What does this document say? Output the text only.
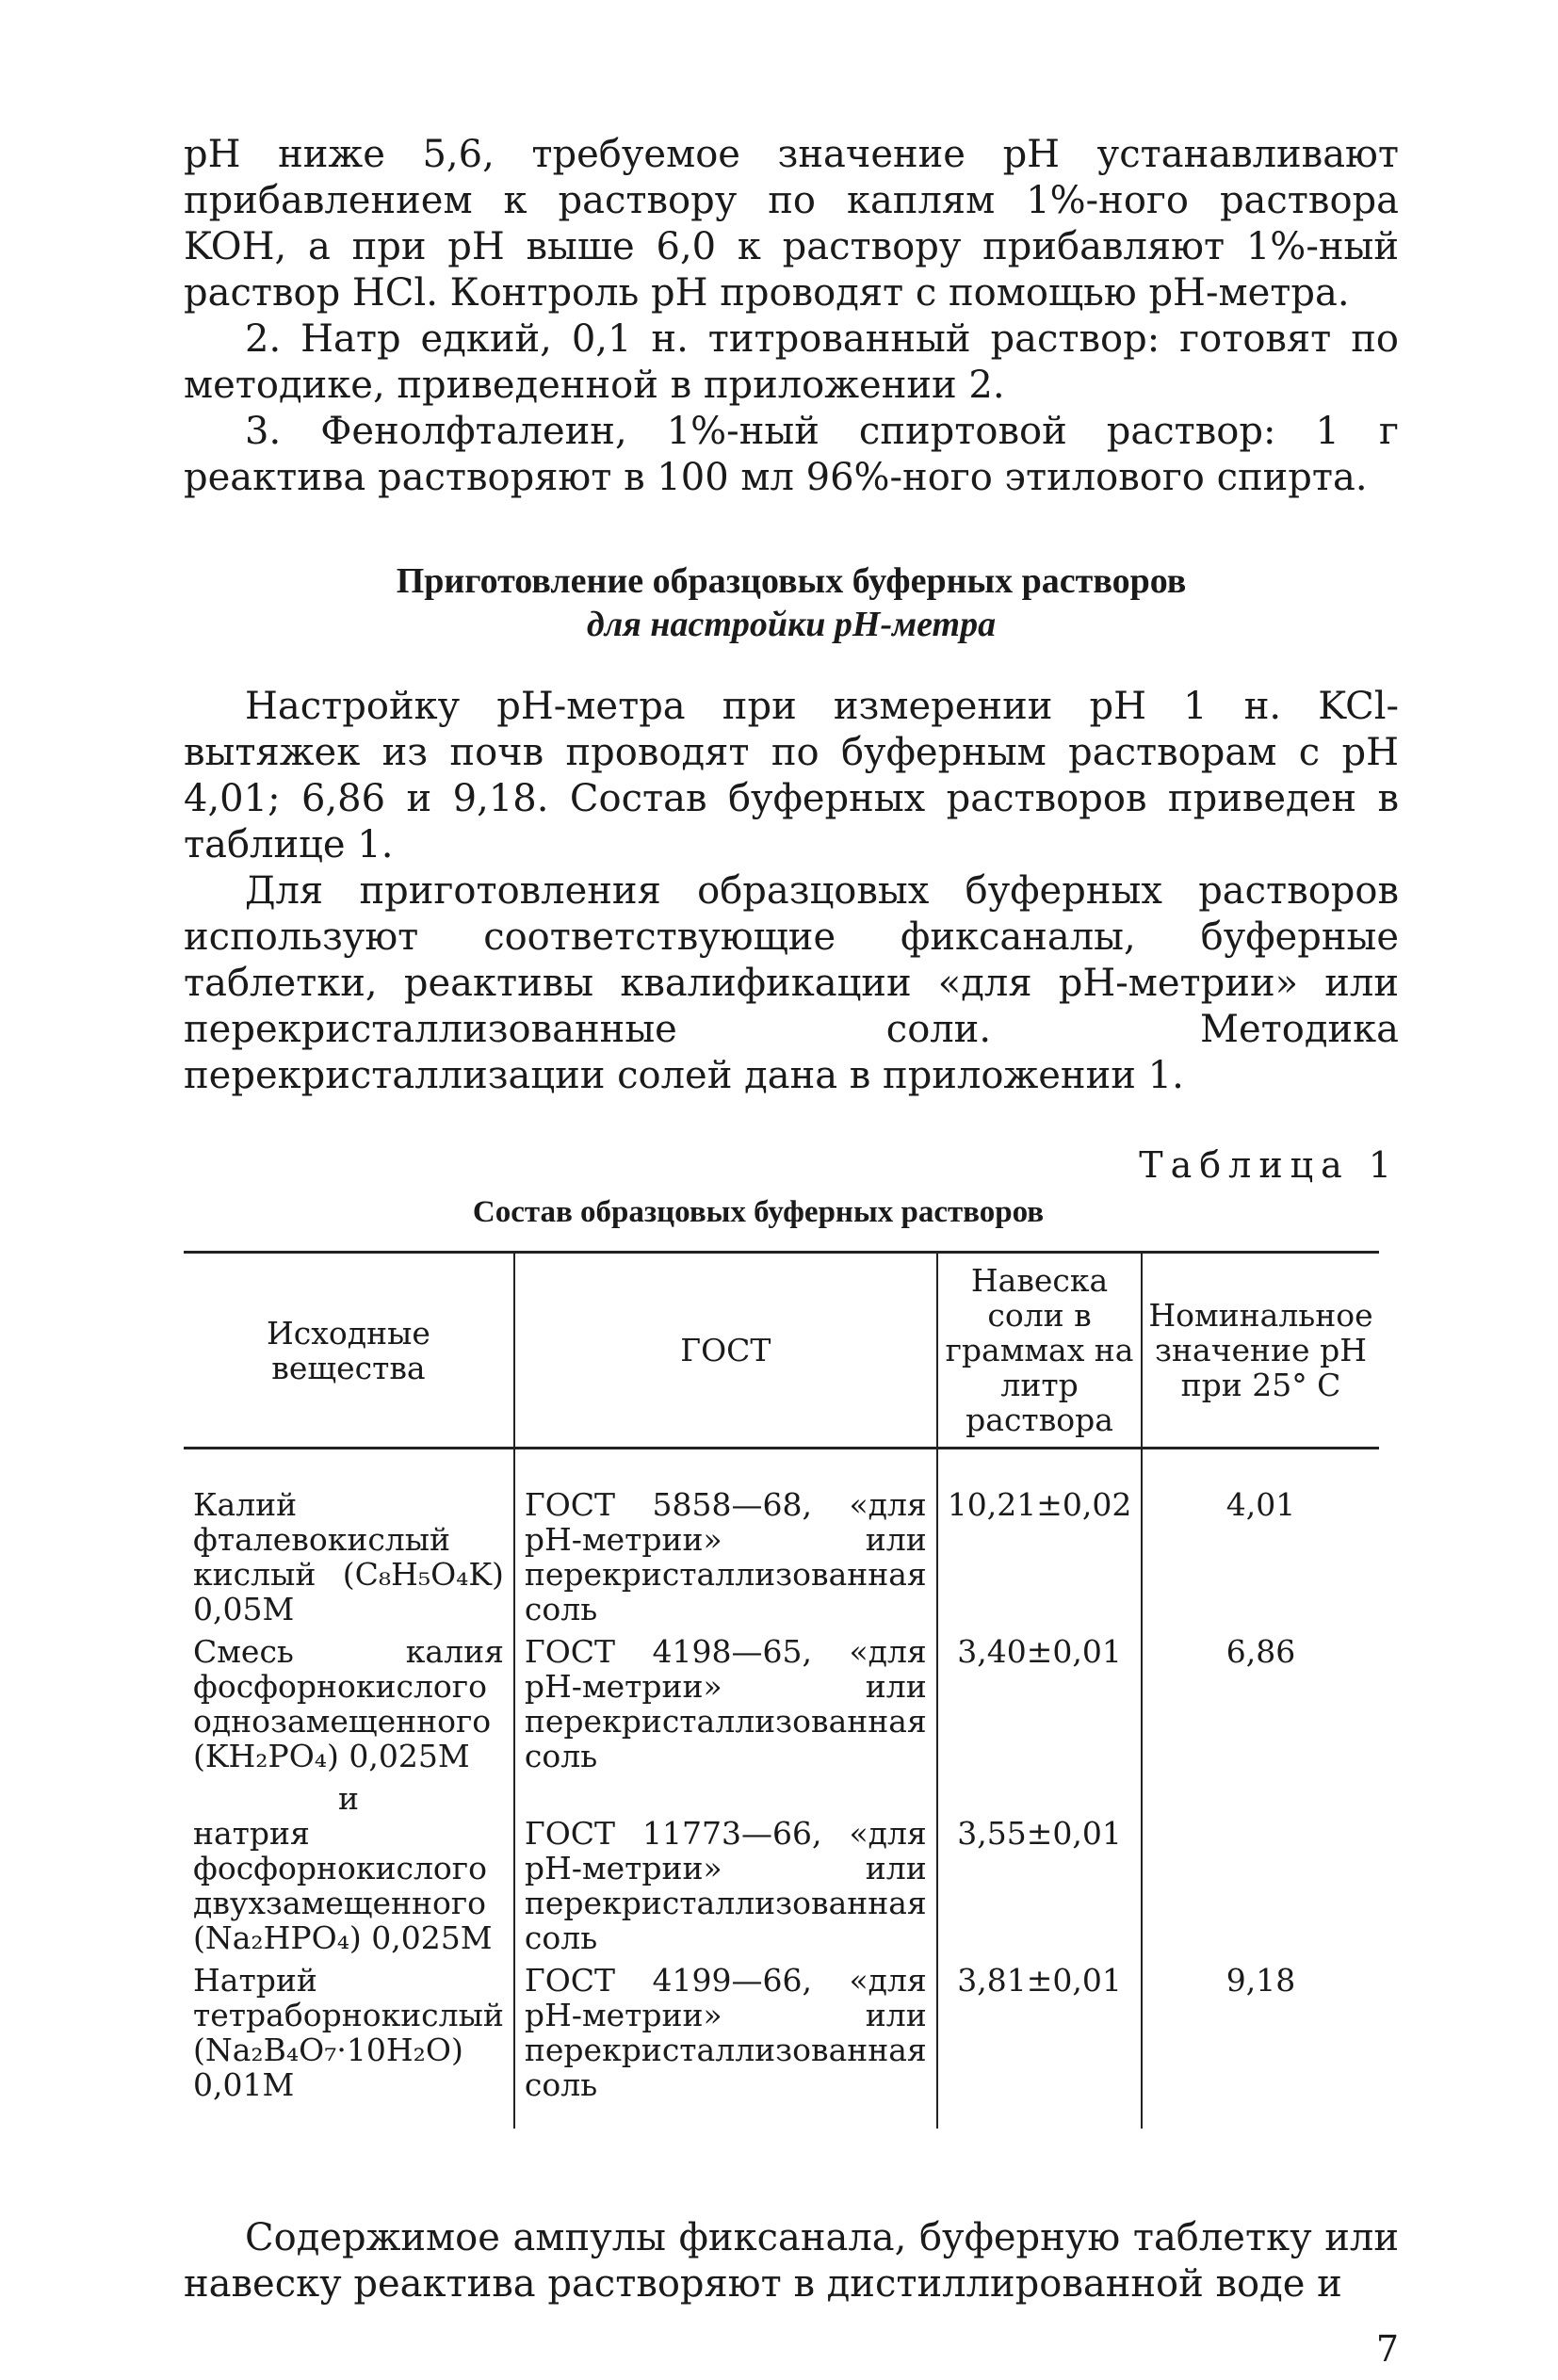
pH ниже 5,6, требуемое значение pH устанавливают прибавлением к раствору по каплям 1%-ного раствора KOH, а при pH выше 6,0 к раствору прибавляют 1%-ный раствор HCl. Контроль pH проводят с помощью pH-метра.

2. Натр едкий, 0,1 н. титрованный раствор: готовят по методике, приведенной в приложении 2.

3. Фенолфталеин, 1%-ный спиртовой раствор: 1 г реактива растворяют в 100 мл 96%-ного этилового спирта.

Приготовление образцовых буферных растворов
для настройки pH-метра

Настройку pH-метра при измерении pH 1 н. KCl-вытяжек из почв проводят по буферным растворам с pH 4,01; 6,86 и 9,18. Состав буферных растворов приведен в таблице 1.

Для приготовления образцовых буферных растворов используют соответствующие фиксаналы, буферные таблетки, реактивы квалификации «для pH-метрии» или перекристаллизованные соли. Методика перекристаллизации солей дана в приложении 1.

Таблица 1
Состав образцовых буферных растворов
Исходные вещества	ГОСТ	Навеска соли в граммах на литр раствора	Номинальное значение pH при 25° С
Калий фталевокислый кислый (C₈H₅O₄K) 0,05M	ГОСТ 5858—68, «для pH-метрии» или перекристаллизованная соль	10,21±0,02	4,01
Смесь калия фосфорнокислого однозамещенного (KH₂PO₄) 0,025M	ГОСТ 4198—65, «для pH-метрии» или перекристаллизованная соль	3,40±0,01	6,86

и
натрия фосфорнокислого двухзамещенного (Na₂HPO₄) 0,025M	ГОСТ 11773—66, «для pH-метрии» или перекристаллизованная соль	3,55±0,01	
Натрий тетраборнокислый (Na₂B₄O₇·10H₂O) 0,01M	ГОСТ 4199—66, «для pH-метрии» или перекристаллизованная соль	3,81±0,01	9,18

Содержимое ампулы фиксанала, буферную таблетку или навеску реактива растворяют в дистиллированной воде и

7
